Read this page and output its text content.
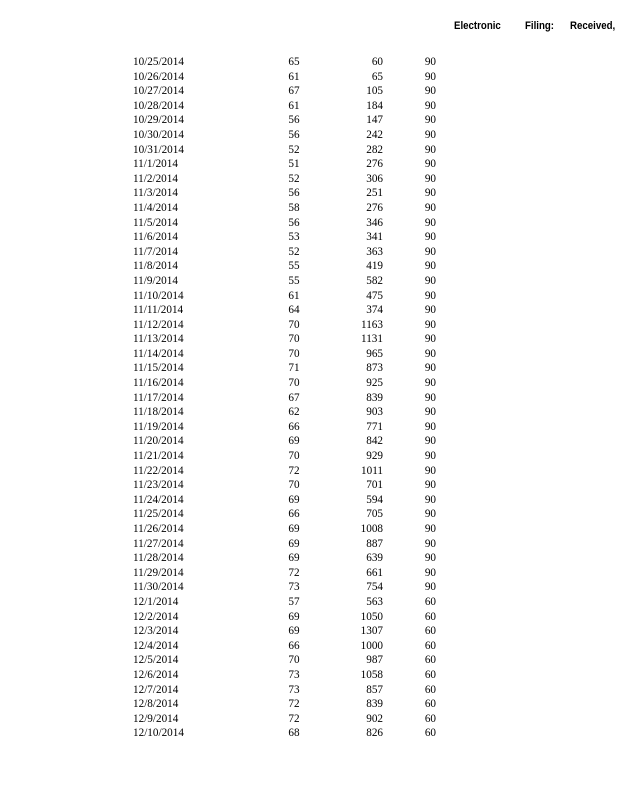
Electronic Filing: Received,
10/25/2014	65	60	90
10/26/2014	61	65	90
10/27/2014	67	105	90
10/28/2014	61	184	90
10/29/2014	56	147	90
10/30/2014	56	242	90
10/31/2014	52	282	90
11/1/2014	51	276	90
11/2/2014	52	306	90
11/3/2014	56	251	90
11/4/2014	58	276	90
11/5/2014	56	346	90
11/6/2014	53	341	90
11/7/2014	52	363	90
11/8/2014	55	419	90
11/9/2014	55	582	90
11/10/2014	61	475	90
11/11/2014	64	374	90
11/12/2014	70	1163	90
11/13/2014	70	1131	90
11/14/2014	70	965	90
11/15/2014	71	873	90
11/16/2014	70	925	90
11/17/2014	67	839	90
11/18/2014	62	903	90
11/19/2014	66	771	90
11/20/2014	69	842	90
11/21/2014	70	929	90
11/22/2014	72	1011	90
11/23/2014	70	701	90
11/24/2014	69	594	90
11/25/2014	66	705	90
11/26/2014	69	1008	90
11/27/2014	69	887	90
11/28/2014	69	639	90
11/29/2014	72	661	90
11/30/2014	73	754	90
12/1/2014	57	563	60
12/2/2014	69	1050	60
12/3/2014	69	1307	60
12/4/2014	66	1000	60
12/5/2014	70	987	60
12/6/2014	73	1058	60
12/7/2014	73	857	60
12/8/2014	72	839	60
12/9/2014	72	902	60
12/10/2014	68	826	60
